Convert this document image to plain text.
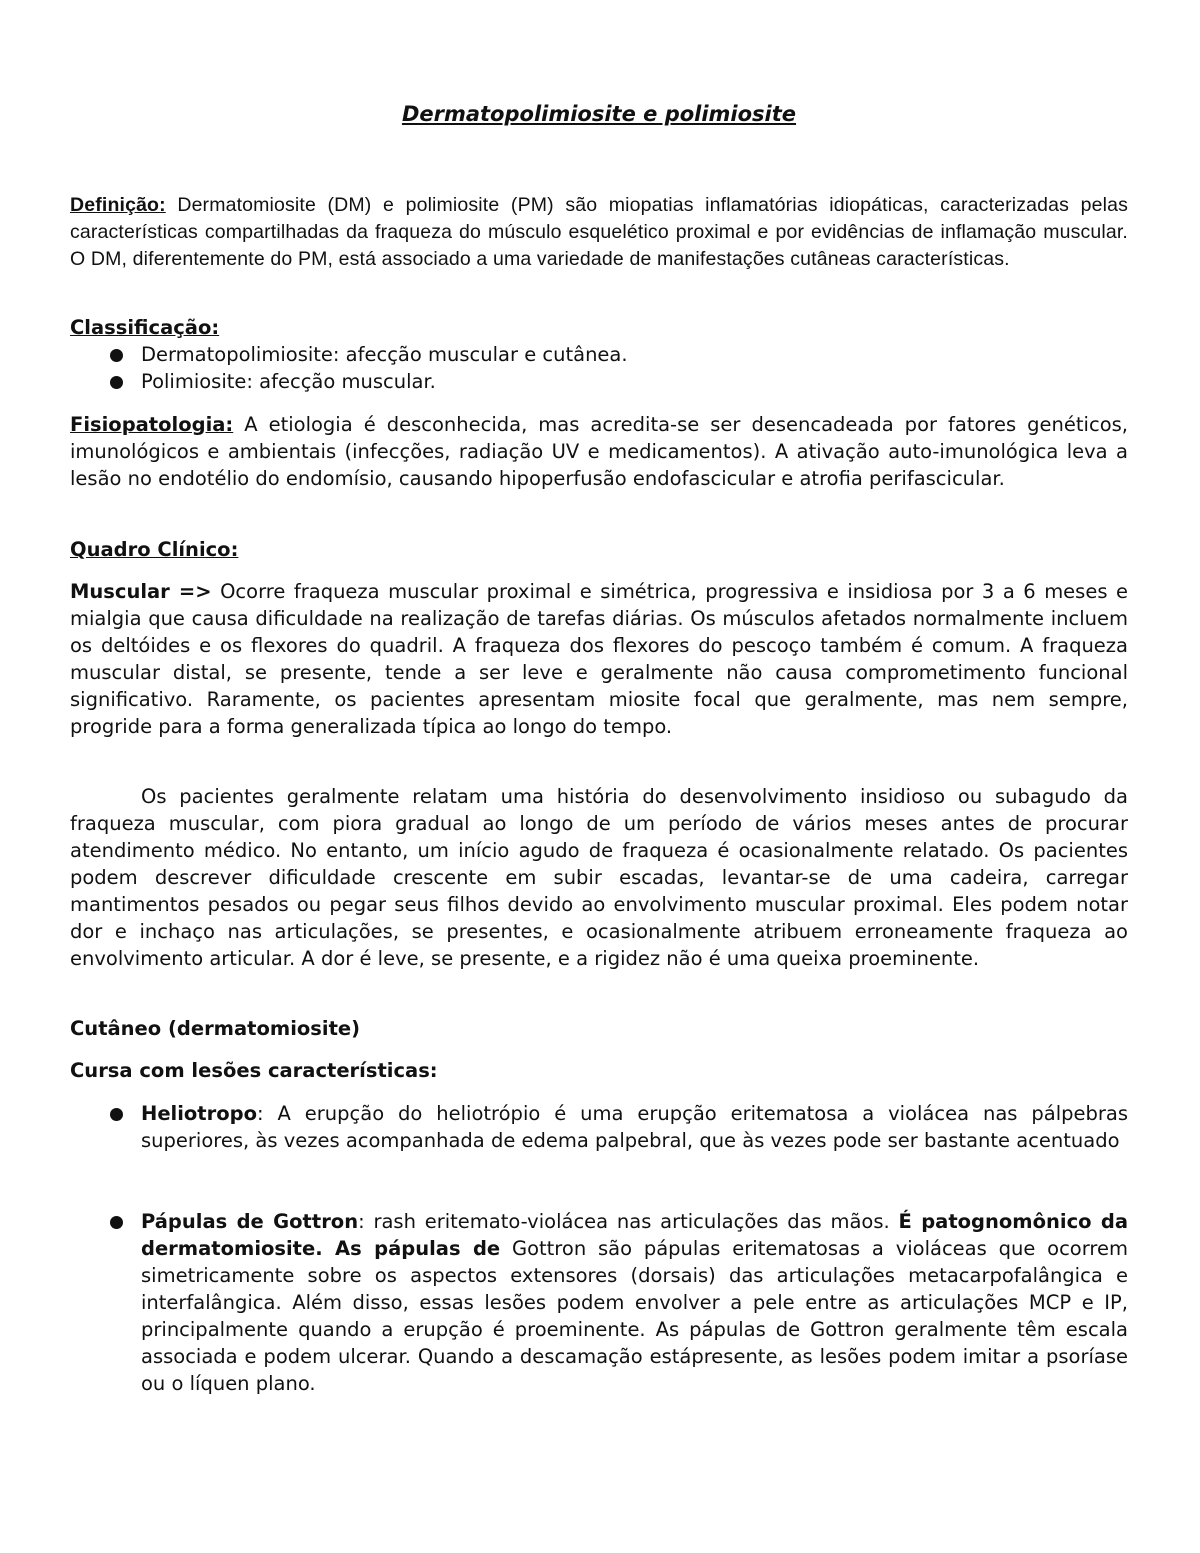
Dermatopolimiosite e polimiosite

Definição: Dermatomiosite (DM) e polimiosite (PM) são miopatias inflamatórias idiopáticas, caracterizadas pelas características compartilhadas da fraqueza do músculo esquelético proximal e por evidências de inflamação muscular. O DM, diferentemente do PM, está associado a uma variedade de manifestações cutâneas características.

Classificação:

Dermatopolimiosite: afecção muscular e cutânea.
Polimiosite: afecção muscular.

Fisiopatologia: A etiologia é desconhecida, mas acredita-se ser desencadeada por fatores genéticos, imunológicos e ambientais (infecções, radiação UV e medicamentos). A ativação auto-imunológica leva a lesão no endotélio do endomísio, causando hipoperfusão endofascicular e atrofia perifascicular.

Quadro Clínico:

Muscular => Ocorre fraqueza muscular proximal e simétrica, progressiva e insidiosa por 3 a 6 meses e mialgia que causa dificuldade na realização de tarefas diárias. Os músculos afetados normalmente incluem os deltóides e os flexores do quadril. A fraqueza dos flexores do pescoço também é comum. A fraqueza muscular distal, se presente, tende a ser leve e geralmente não causa comprometimento funcional significativo. Raramente, os pacientes apresentam miosite focal que geralmente, mas nem sempre, progride para a forma generalizada típica ao longo do tempo.

Os pacientes geralmente relatam uma história do desenvolvimento insidioso ou subagudo da fraqueza muscular, com piora gradual ao longo de um período de vários meses antes de procurar atendimento médico. No entanto, um início agudo de fraqueza é ocasionalmente relatado. Os pacientes podem descrever dificuldade crescente em subir escadas, levantar-se de uma cadeira, carregar mantimentos pesados ou pegar seus filhos devido ao envolvimento muscular proximal. Eles podem notar dor e inchaço nas articulações, se presentes, e ocasionalmente atribuem erroneamente fraqueza ao envolvimento articular. A dor é leve, se presente, e a rigidez não é uma queixa proeminente.

Cutâneo (dermatomiosite)

Cursa com lesões características:

Heliotropo: A erupção do heliotrópio é uma erupção eritematosa a violácea nas pálpebras superiores, às vezes acompanhada de edema palpebral, que às vezes pode ser bastante acentuado
Pápulas de Gottron: rash eritemato-violácea nas articulações das mãos. É patognomônico da dermatomiosite. As pápulas de Gottron são pápulas eritematosas a violáceas que ocorrem simetricamente sobre os aspectos extensores (dorsais) das articulações metacarpofalângica e interfalângica. Além disso, essas lesões podem envolver a pele entre as articulações MCP e IP, principalmente quando a erupção é proeminente. As pápulas de Gottron geralmente têm escala associada e podem ulcerar. Quando a descamação estápresente, as lesões podem imitar a psoríase ou o líquen plano.
